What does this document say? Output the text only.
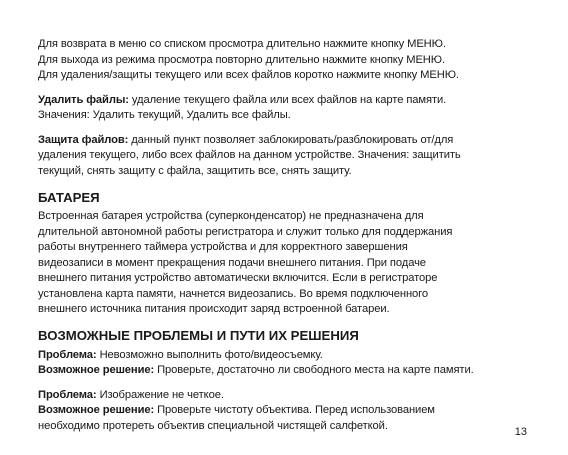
Для возврата в меню со списком просмотра длительно нажмите кнопку МЕНЮ.
Для выхода из режима просмотра повторно длительно нажмите кнопку МЕНЮ.
Для удаления/защиты текущего или всех файлов коротко нажмите кнопку МЕНЮ.
Удалить файлы: удаление текущего файла или всех файлов на карте памяти.
Значения: Удалить текущий, Удалить все файлы.
Защита файлов: данный пункт позволяет заблокировать/разблокировать от/для
удаления текущего, либо всех файлов на данном устройстве. Значения: защитить
текущий, снять защиту с файла, защитить все, снять защиту.
БАТАРЕЯ
Встроенная батарея устройства (суперконденсатор) не предназначена для
длительной автономной работы регистратора и служит только для поддержания
работы внутреннего таймера устройства и для корректного завершения
видеозаписи в момент прекращения подачи внешнего питания. При подаче
внешнего питания устройство автоматически включится. Если в регистраторе
установлена карта памяти, начнется видеозапись. Во время подключенного
внешнего источника питания происходит заряд встроенной батареи.
ВОЗМОЖНЫЕ ПРОБЛЕМЫ И ПУТИ ИХ РЕШЕНИЯ
Проблема: Невозможно выполнить фото/видеосъемку.
Возможное решение: Проверьте, достаточно ли свободного места на карте памяти.
Проблема: Изображение не четкое.
Возможное решение: Проверьте чистоту объектива. Перед использованием
необходимо протереть объектив специальной чистящей салфеткой.
13
